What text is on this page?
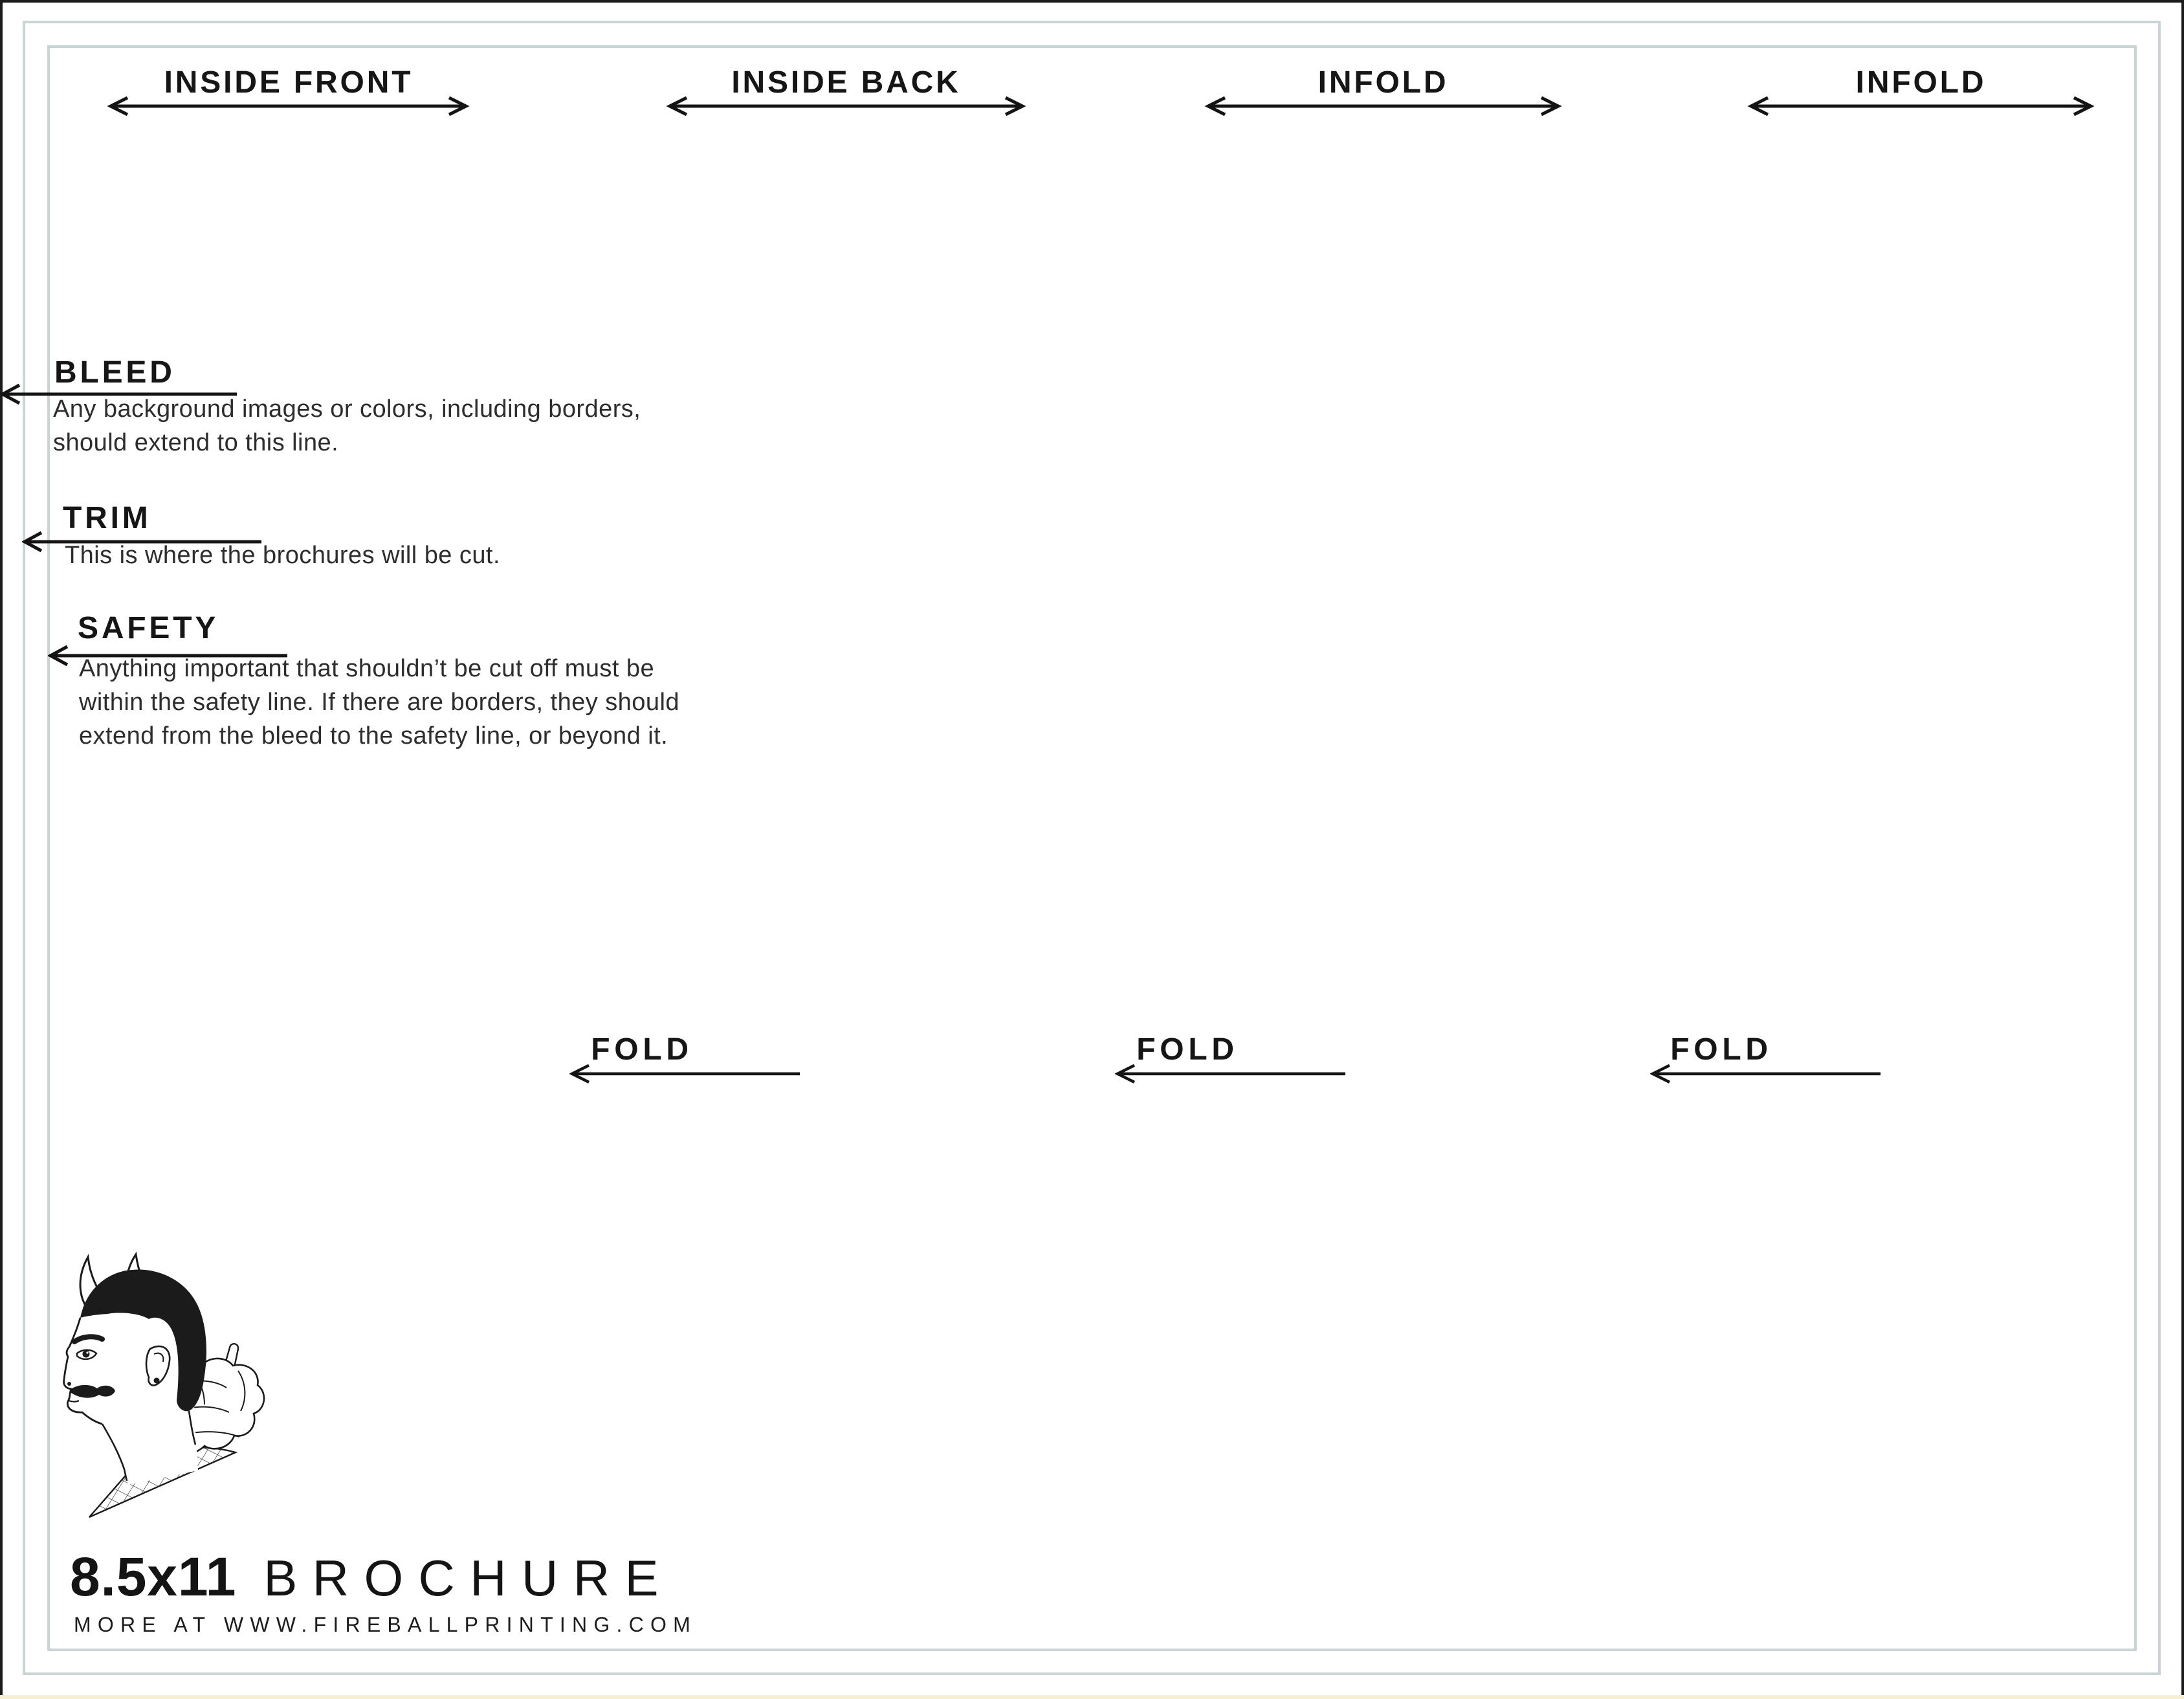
INSIDE FRONT	INSIDE BACK	INFOLD	INFOLD
BLEED
Any background images or colors, including borders,
should extend to this line.
TRIM
This is where the brochures will be cut.
SAFETY
Anything important that shouldn’t be cut off must be
within the safety line. If there are borders, they should
extend from the bleed to the safety line, or beyond it.
FOLD	FOLD	FOLD
8.5x11 BROCHURE
MORE AT WWW.FIREBALLPRINTING.COM
